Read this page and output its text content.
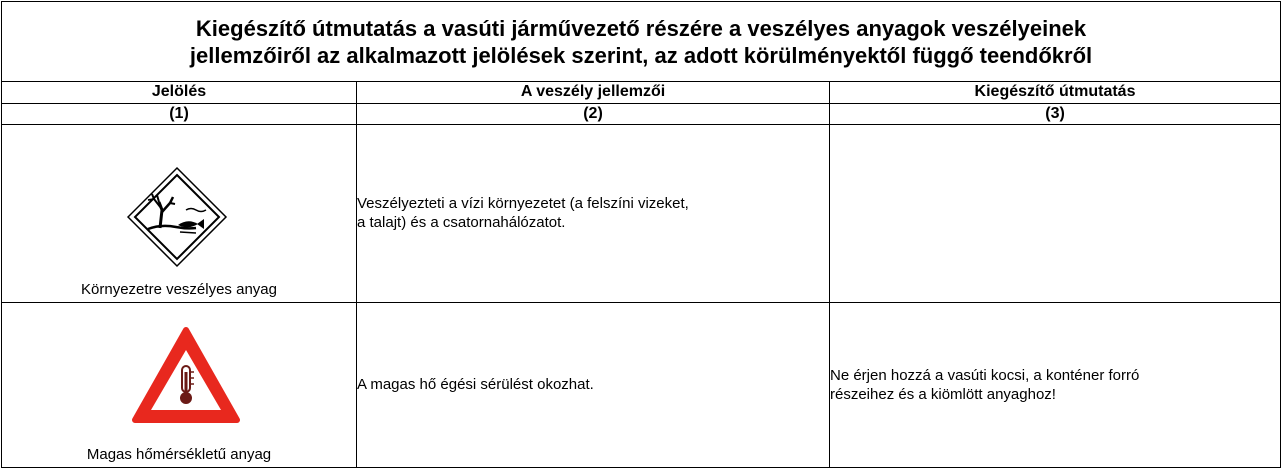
Kiegészítő útmutatás a vasúti járművezető részére a veszélyes anyagok veszélyeinek
jellemzőiről az alkalmazott jelölések szerint, az adott körülményektől függő teendőkről		
Jelölés	A veszély jellemzői	Kiegészítő útmutatás
(1)	(2)	(3)

Környezetre veszélyes anyag	Veszélyezteti a vízi környezetet (a felszíni vizeket,
a talajt) és a csatornahálózatot.	

Magas hőmérsékletű anyag	A magas hő égési sérülést okozhat.	Ne érjen hozzá a vasúti kocsi, a konténer forró
részeihez és a kiömlött anyaghoz!
